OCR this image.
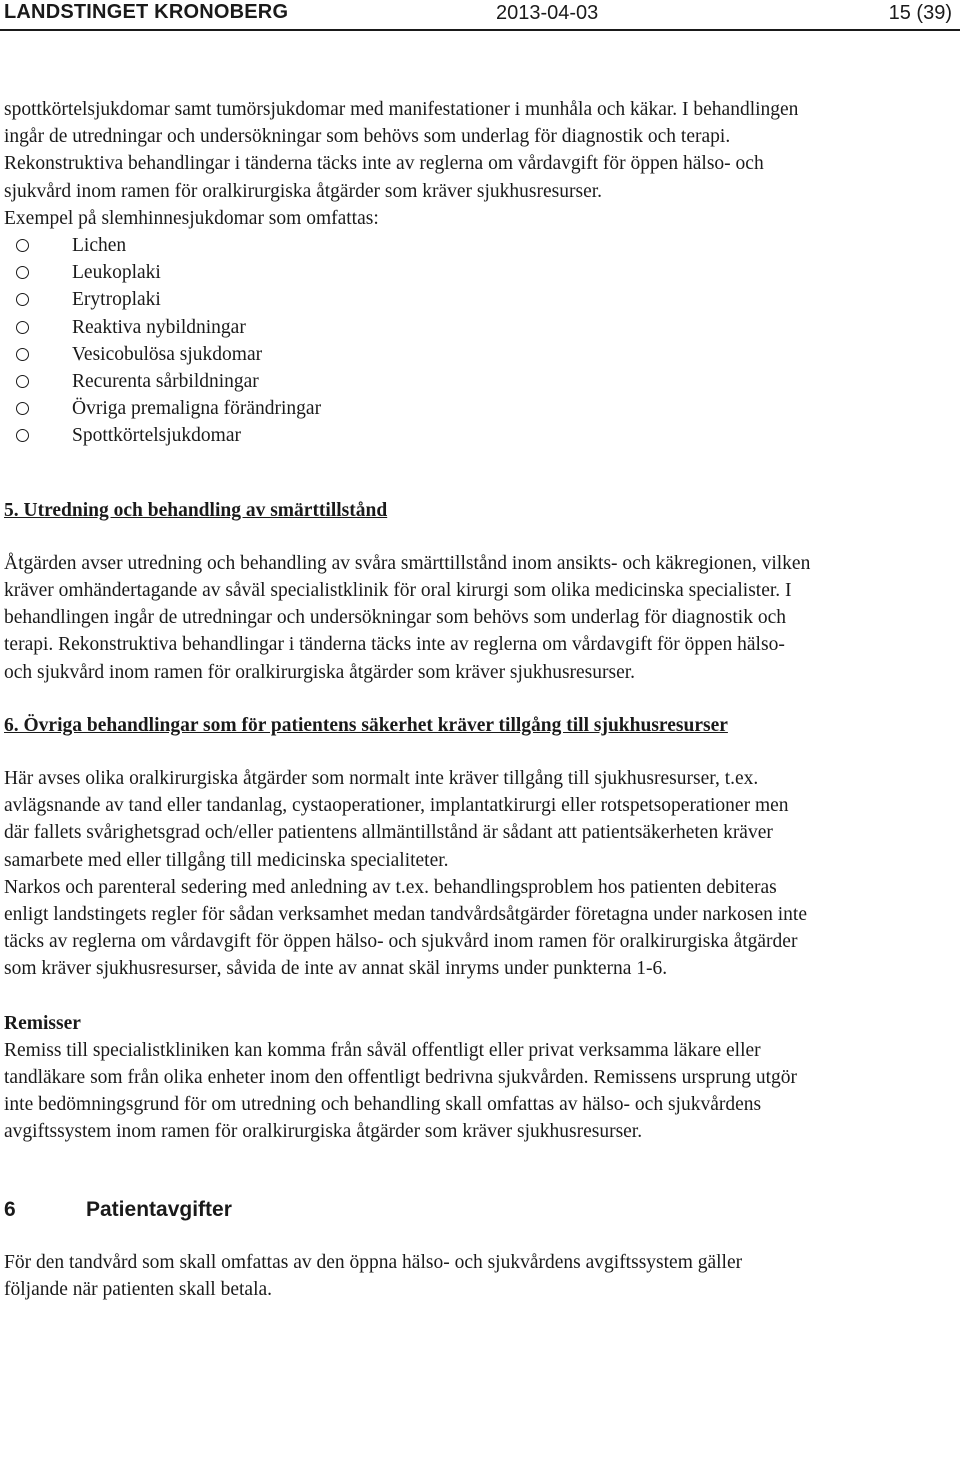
LANDSTINGET KRONOBERG	2013-04-03	15 (39)

spottkörtelsjukdomar samt tumörsjukdomar med manifestationer i munhåla och käkar. I behandlingen ingår de utredningar och undersökningar som behövs som underlag för diagnostik och terapi. Rekonstruktiva behandlingar i tänderna täcks inte av reglerna om vårdavgift för öppen hälso- och sjukvård inom ramen för oralkirurgiska åtgärder som kräver sjukhusresurser.

Exempel på slemhinnesjukdomar som omfattas:

Lichen
Leukoplaki
Erytroplaki
Reaktiva nybildningar
Vesicobulösa sjukdomar
Recurenta sårbildningar
Övriga premaligna förändringar
Spottkörtelsjukdomar

5. Utredning och behandling av smärttillstånd

Åtgärden avser utredning och behandling av svåra smärttillstånd inom ansikts- och käkregionen, vilken kräver omhändertagande av såväl specialistklinik för oral kirurgi som olika medicinska specialister. I behandlingen ingår de utredningar och undersökningar som behövs som underlag för diagnostik och terapi. Rekonstruktiva behandlingar i tänderna täcks inte av reglerna om vårdavgift för öppen hälso- och sjukvård inom ramen för oralkirurgiska åtgärder som kräver sjukhusresurser.

6. Övriga behandlingar som för patientens säkerhet kräver tillgång till sjukhusresurser

Här avses olika oralkirurgiska åtgärder som normalt inte kräver tillgång till sjukhusresurser, t.ex. avlägsnande av tand eller tandanlag, cystaoperationer, implantatkirurgi eller rotspetsoperationer men där fallets svårighetsgrad och/eller patientens allmäntillstånd är sådant att patientsäkerheten kräver samarbete med eller tillgång till medicinska specialiteter.

Narkos och parenteral sedering med anledning av t.ex. behandlingsproblem hos patienten debiteras enligt landstingets regler för sådan verksamhet medan tandvårdsåtgärder företagna under narkosen inte täcks av reglerna om vårdavgift för öppen hälso- och sjukvård inom ramen för oralkirurgiska åtgärder som kräver sjukhusresurser, såvida de inte av annat skäl inryms under punkterna 1-6.

Remisser

Remiss till specialistkliniken kan komma från såväl offentligt eller privat verksamma läkare eller tandläkare som från olika enheter inom den offentligt bedrivna sjukvården. Remissens ursprung utgör inte bedömningsgrund för om utredning och behandling skall omfattas av hälso- och sjukvårdens avgiftssystem inom ramen för oralkirurgiska åtgärder som kräver sjukhusresurser.

6	Patientavgifter

För den tandvård som skall omfattas av den öppna hälso- och sjukvårdens avgiftssystem gäller följande när patienten skall betala.
